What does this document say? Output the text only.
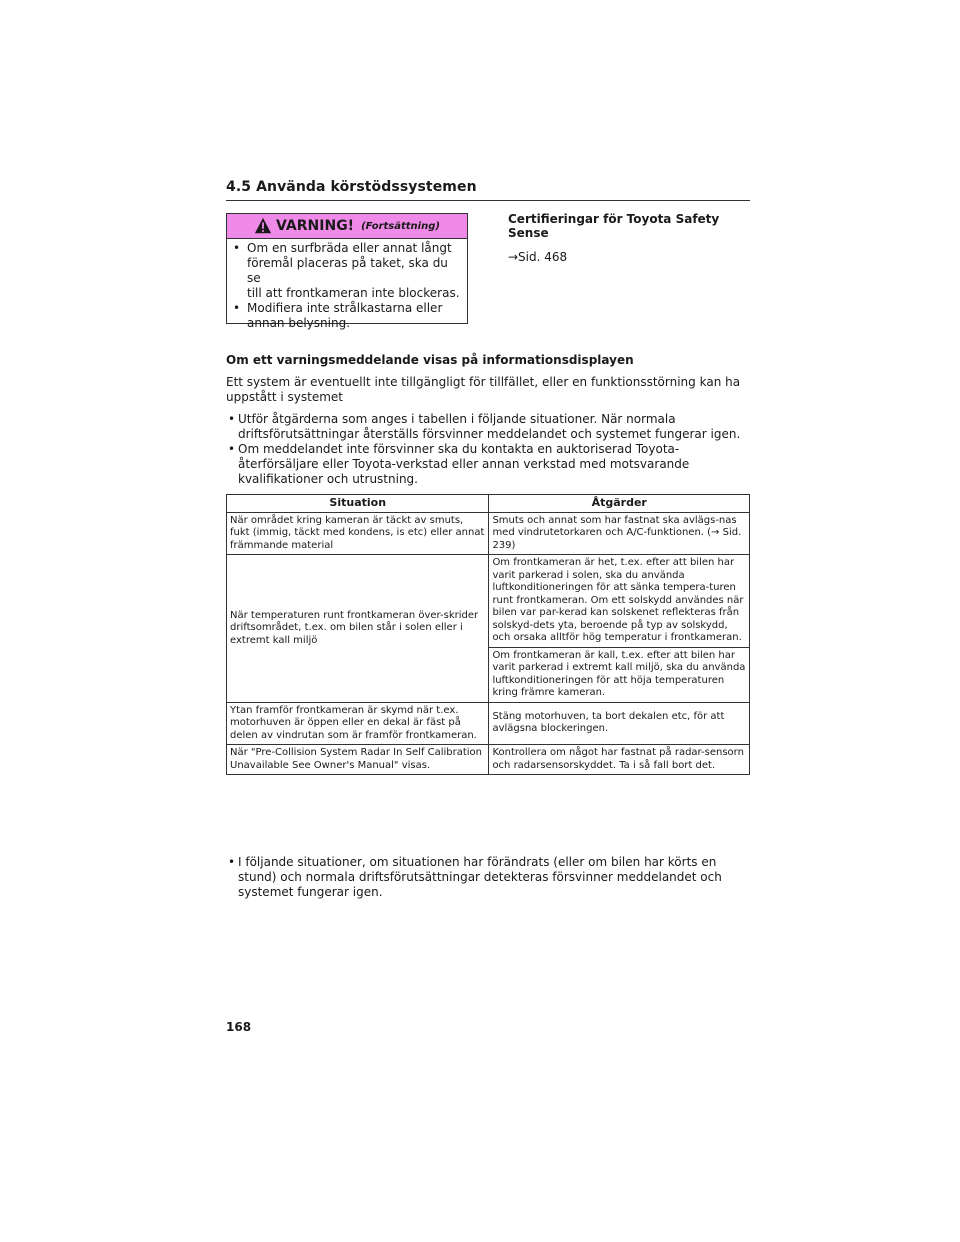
4.5 Använda körstödssystemen
VARNING! (Fortsättning)
• Om en surfbräda eller annat långt
föremål placeras på taket, ska du se
till att frontkameran inte blockeras.
• Modifiera inte strålkastarna eller
annan belysning.
Certifieringar för Toyota Safety Sense
→Sid. 468
Om ett varningsmeddelande visas på informationsdisplayen
Ett system är eventuellt inte tillgängligt för tillfället, eller en funktionsstörning kan ha uppstått i systemet
• Utför åtgärderna som anges i tabellen i följande situationer. När normala driftsförutsättningar återställs försvinner meddelandet och systemet fungerar igen.
• Om meddelandet inte försvinner ska du kontakta en auktoriserad Toyota-återförsäljare eller Toyota-verkstad eller annan verkstad med motsvarande kvalifikationer och utrustning.
Situation	Åtgärder
När området kring kameran är täckt av smuts, fukt (immig, täckt med kondens, is etc) eller annat främmande material	Smuts och annat som har fastnat ska avlägs-nas med vindrutetorkaren och A/C-funktionen. (→ Sid. 239)
När temperaturen runt frontkameran över-skrider driftsområdet, t.ex. om bilen står i solen eller i extremt kall miljö	Om frontkameran är het, t.ex. efter att bilen har varit parkerad i solen, ska du använda luftkonditioneringen för att sänka tempera-turen runt frontkameran. Om ett solskydd användes när bilen var par-kerad kan solskenet reflekteras från solskyd-dets yta, beroende på typ av solskydd, och orsaka alltför hög temperatur i frontkameran.
	Om frontkameran är kall, t.ex. efter att bilen har varit parkerad i extremt kall miljö, ska du använda luftkonditioneringen för att höja temperaturen kring främre kameran.
Ytan framför frontkameran är skymd när t.ex. motorhuven är öppen eller en dekal är fäst på delen av vindrutan som är framför frontkameran.	Stäng motorhuven, ta bort dekalen etc, för att avlägsna blockeringen.
När "Pre-Collision System Radar In Self Calibration Unavailable See Owner's Manual" visas.	Kontrollera om något har fastnat på radar-sensorn och radarsensorskyddet. Ta i så fall bort det.
• I följande situationer, om situationen har förändrats (eller om bilen har körts en stund) och normala driftsförutsättningar detekteras försvinner meddelandet och systemet fungerar igen.
168
